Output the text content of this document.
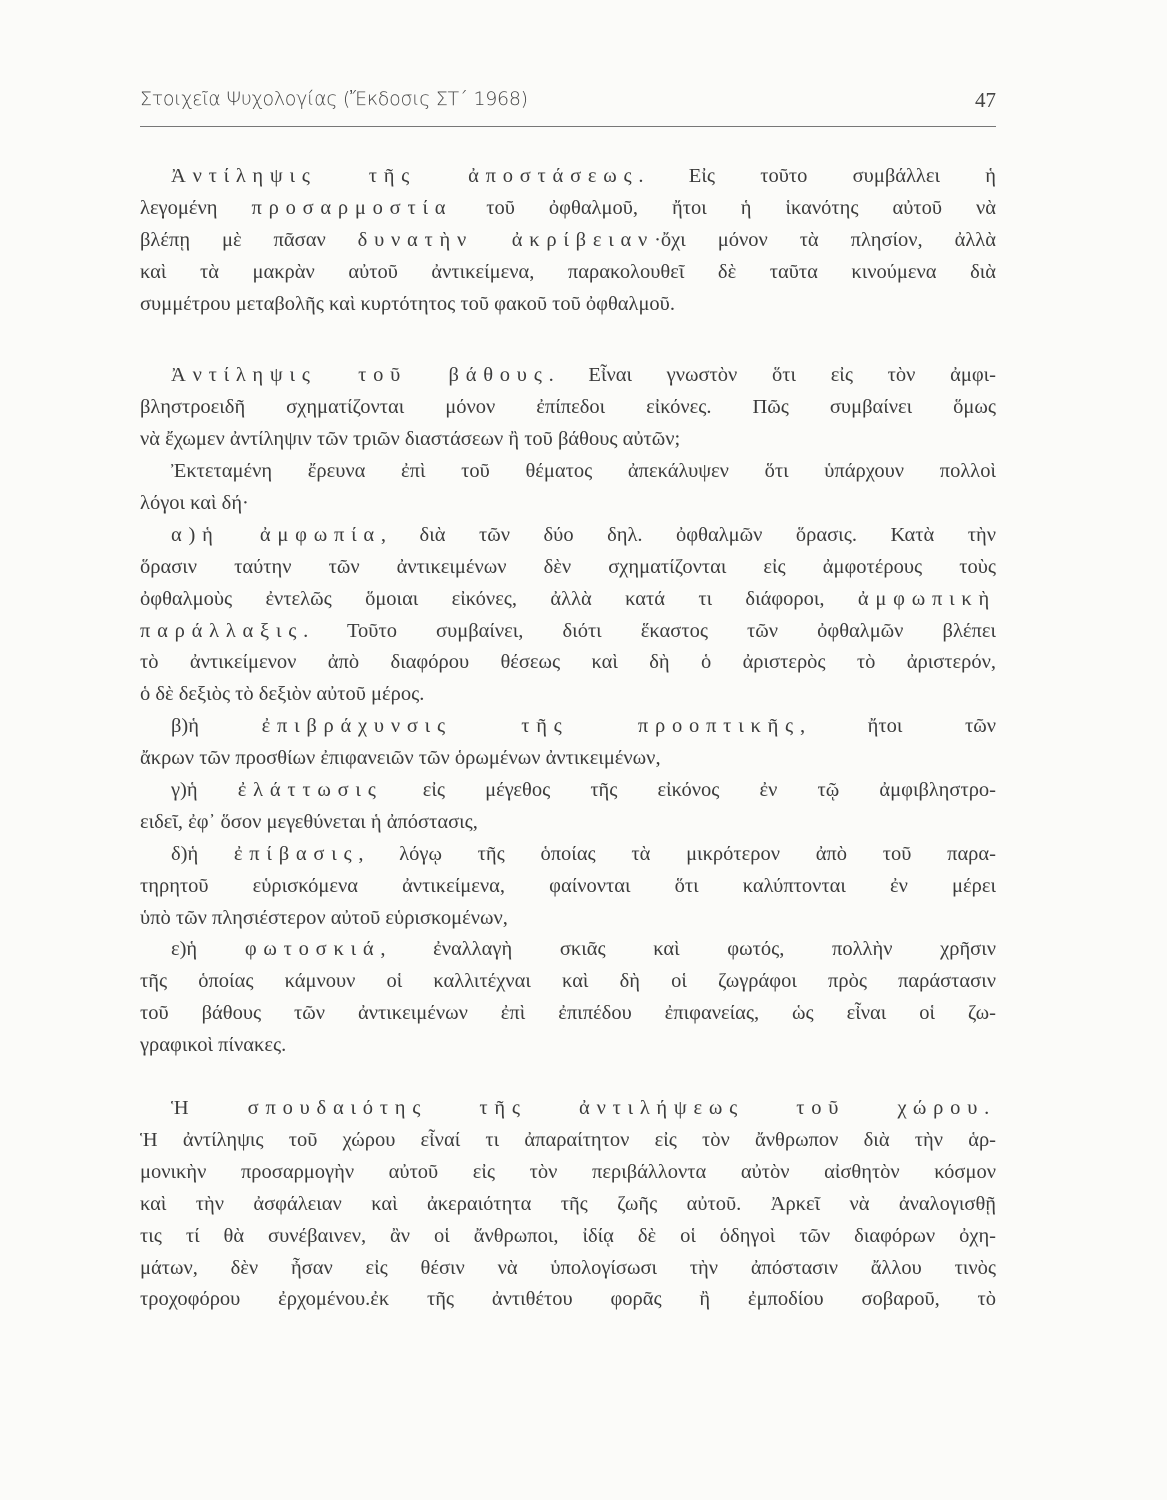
Στοιχεῖα Ψυχολογίας (Ἔκδοσις ΣΤ΄ 1968)	47
Ἀντίληψις τῆς ἀποστάσεως. Εἰς τοῦτο συμβάλλει ἡ
λεγομένη προσαρμοστία τοῦ ὀφθαλμοῦ, ἤτοι ἡ ἱκανότης αὐτοῦ νὰ
βλέπῃ μὲ πᾶσαν δυνατὴν ἀκρίβειαν·ὄχι μόνον τὰ πλησίον, ἀλλὰ
καὶ τὰ μακρὰν αὐτοῦ ἀντικείμενα, παρακολουθεῖ δὲ ταῦτα κινούμενα διὰ
συμμέτρου μεταβολῆς καὶ κυρτότητος τοῦ φακοῦ τοῦ ὀφθαλμοῦ.
Ἀντίληψις τοῦ βάθους. Εἶναι γνωστὸν ὅτι εἰς τὸν ἀμφι-
βληστροειδῆ σχηματίζονται μόνον ἐπίπεδοι εἰκόνες. Πῶς συμβαίνει ὅμως
νὰ ἔχωμεν ἀντίληψιν τῶν τριῶν διαστάσεων ἢ τοῦ βάθους αὐτῶν;
Ἐκτεταμένη ἔρευνα ἐπὶ τοῦ θέματος ἀπεκάλυψεν ὅτι ὑπάρχουν πολλοὶ
λόγοι καὶ δή·
α)ἡ ἀμφωπία, διὰ τῶν δύο δηλ. ὀφθαλμῶν ὅρασις. Κατὰ τὴν
ὅρασιν ταύτην τῶν ἀντικειμένων δὲν σχηματίζονται εἰς ἀμφοτέρους τοὺς
ὀφθαλμοὺς ἐντελῶς ὅμοιαι εἰκόνες, ἀλλὰ κατά τι διάφοροι, ἀμφωπικὴ
παράλλαξις. Τοῦτο συμβαίνει, διότι ἕκαστος τῶν ὀφθαλμῶν βλέπει
τὸ ἀντικείμενον ἀπὸ διαφόρου θέσεως καὶ δὴ ὁ ἀριστερὸς τὸ ἀριστερόν,
ὁ δὲ δεξιὸς τὸ δεξιὸν αὐτοῦ μέρος.
β)ἡ ἐπιβράχυνσις τῆς προοπτικῆς, ἤτοι τῶν
ἄκρων τῶν προσθίων ἐπιφανειῶν τῶν ὁρωμένων ἀντικειμένων,
γ)ἡ ἐλάττωσις εἰς μέγεθος τῆς εἰκόνος ἐν τῷ ἀμφιβληστρο-
ειδεῖ, ἐφ᾽ ὅσον μεγεθύνεται ἡ ἀπόστασις,
δ)ἡ ἐπίβασις, λόγῳ τῆς ὁποίας τὰ μικρότερον ἀπὸ τοῦ παρα-
τηρητοῦ εὑρισκόμενα ἀντικείμενα, φαίνονται ὅτι καλύπτονται ἐν μέρει
ὑπὸ τῶν πλησιέστερον αὐτοῦ εὑρισκομένων,
ε)ἡ φωτοσκιά, ἐναλλαγὴ σκιᾶς καὶ φωτός, πολλὴν χρῆσιν
τῆς ὁποίας κάμνουν οἱ καλλιτέχναι καὶ δὴ οἱ ζωγράφοι πρὸς παράστασιν
τοῦ βάθους τῶν ἀντικειμένων ἐπὶ ἐπιπέδου ἐπιφανείας, ὡς εἶναι οἱ ζω-
γραφικοὶ πίνακες.
Ἡ σπουδαιότης τῆς ἀντιλήψεως τοῦ χώρου.
Ἡ ἀντίληψις τοῦ χώρου εἶναί τι ἀπαραίτητον εἰς τὸν ἄνθρωπον διὰ τὴν ἁρ-
μονικὴν προσαρμογὴν αὐτοῦ εἰς τὸν περιβάλλοντα αὐτὸν αἰσθητὸν κόσμον
καὶ τὴν ἀσφάλειαν καὶ ἀκεραιότητα τῆς ζωῆς αὐτοῦ. Ἀρκεῖ νὰ ἀναλογισθῇ
τις τί θὰ συνέβαινεν, ἂν οἱ ἄνθρωποι, ἰδίᾳ δὲ οἱ ὁδηγοὶ τῶν διαφόρων ὀχη-
μάτων, δὲν ἦσαν εἰς θέσιν νὰ ὑπολογίσωσι τὴν ἀπόστασιν ἄλλου τινὸς
τροχοφόρου ἐρχομένου.ἐκ τῆς ἀντιθέτου φορᾶς ἢ ἐμποδίου σοβαροῦ, τὸ
